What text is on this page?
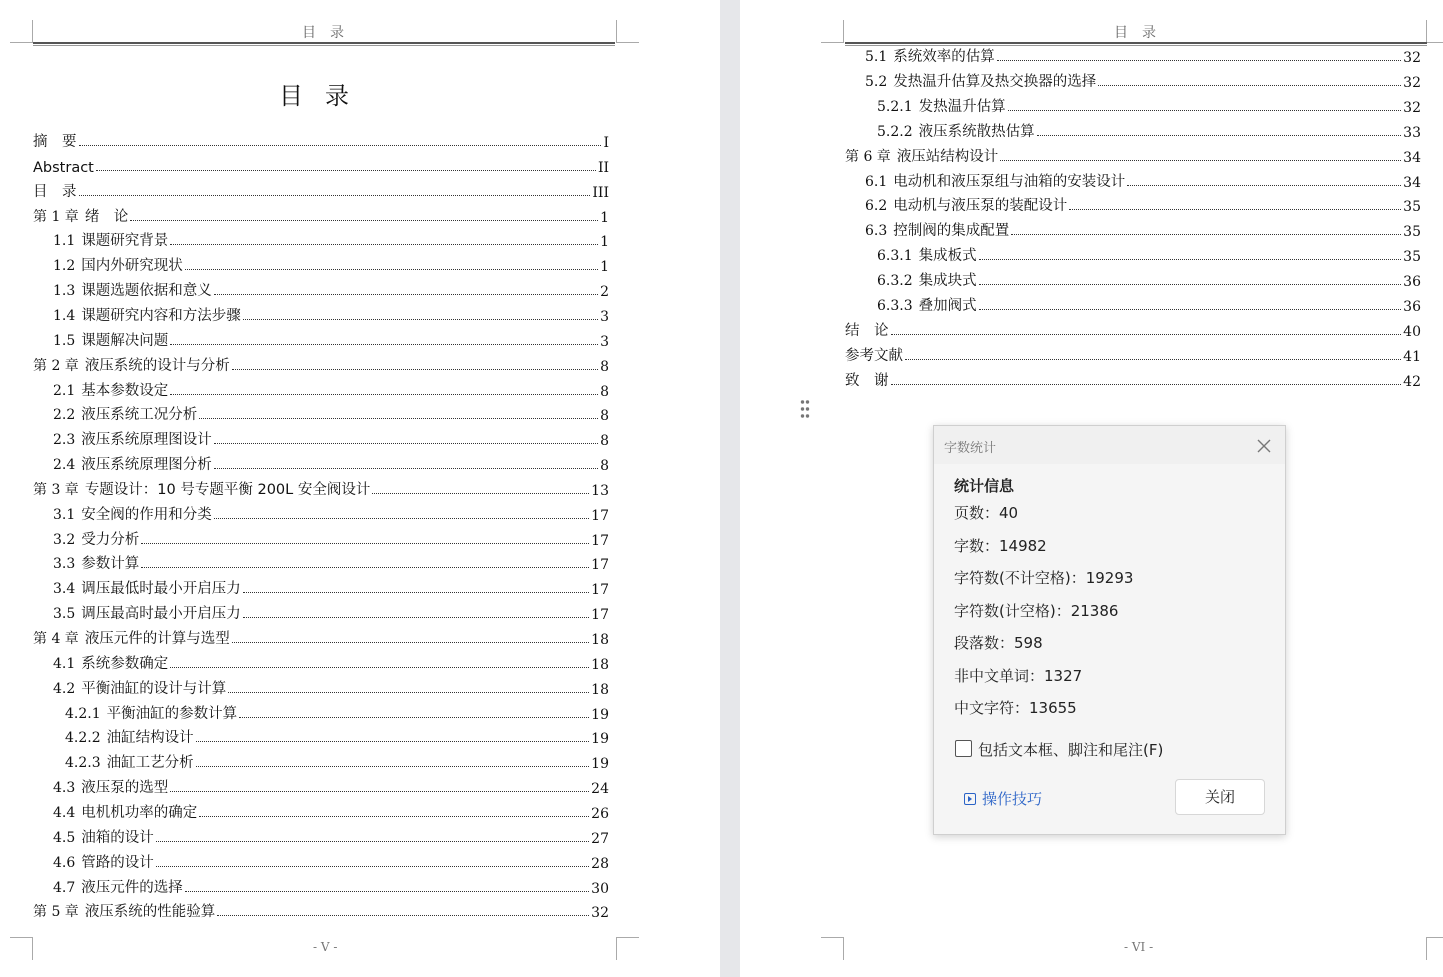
目录
目录
摘　要	I
Abstract	II
目　录	III
第 1 章 绪　论	1
1.1 课题研究背景	1
1.2 国内外研究现状	1
1.3 课题选题依据和意义	2
1.4 课题研究内容和方法步骤	3
1.5 课题解决问题	3
第 2 章 液压系统的设计与分析	8
2.1 基本参数设定	8
2.2 液压系统工况分析	8
2.3 液压系统原理图设计	8
2.4 液压系统原理图分析	8
第 3 章 专题设计：10 号专题平衡 200L 安全阀设计	13
3.1 安全阀的作用和分类	17
3.2 受力分析	17
3.3 参数计算	17
3.4 调压最低时最小开启压力	17
3.5 调压最高时最小开启压力	17
第 4 章 液压元件的计算与选型	18
4.1 系统参数确定	18
4.2 平衡油缸的设计与计算	18
4.2.1 平衡油缸的参数计算	19
4.2.2 油缸结构设计	19
4.2.3 油缸工艺分析	19
4.3 液压泵的选型	24
4.4 电机机功率的确定	26
4.5 油箱的设计	27
4.6 管路的设计	28
4.7 液压元件的选择	30
第 5 章 液压系统的性能验算	32
- V -
目录
5.1 系统效率的估算	32
5.2 发热温升估算及热交换器的选择	32
5.2.1 发热温升估算	32
5.2.2 液压系统散热估算	33
第 6 章 液压站结构设计	34
6.1 电动机和液压泵组与油箱的安装设计	34
6.2 电动机与液压泵的装配设计	35
6.3 控制阀的集成配置	35
6.3.1 集成板式	35
6.3.2 集成块式	36
6.3.3 叠加阀式	36
结　论	40
参考文献	41
致　谢	42
- VI -
字数统计
统计信息
页数：40
字数：14982
字符数(不计空格)：19293
字符数(计空格)：21386
段落数：598
非中文单词：1327
中文字符：13655
包括文本框、脚注和尾注(F)
操作技巧	关闭
